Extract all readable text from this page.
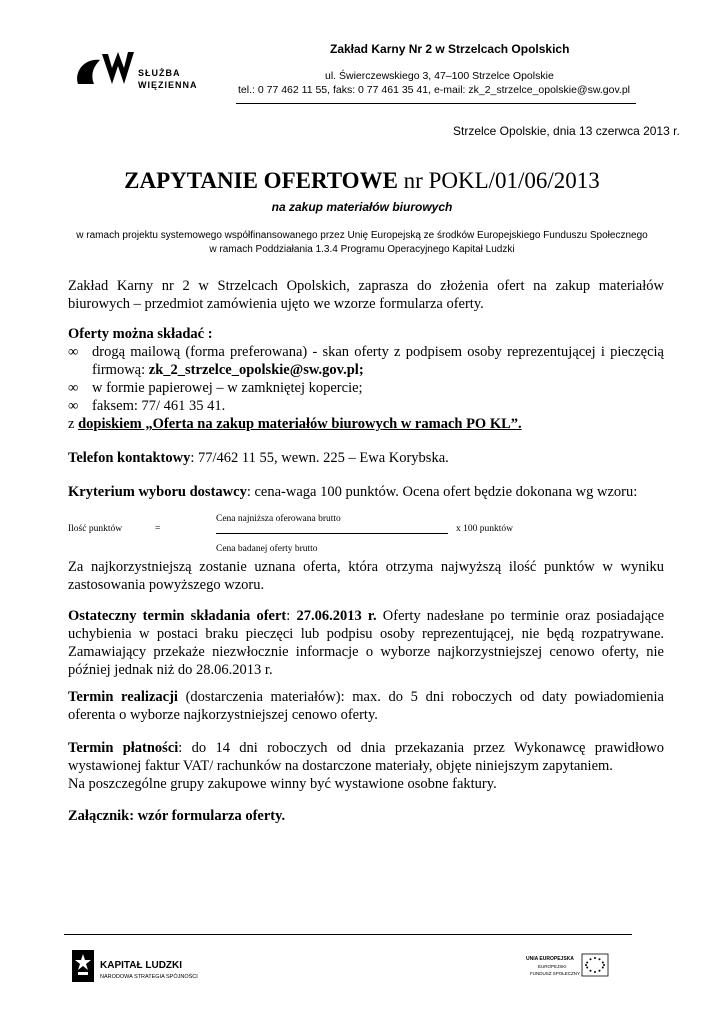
SŁUŻBA
WIĘZIENNA
Zakład Karny Nr 2 w Strzelcach Opolskich
ul. Świerczewskiego 3, 47–100 Strzelce Opolskie
tel.: 0 77 462 11 55, faks: 0 77 461 35 41, e-mail: zk_2_strzelce_opolskie@sw.gov.pl
Strzelce Opolskie, dnia 13 czerwca 2013 r.
ZAPYTANIE OFERTOWE nr POKL/01/06/2013
na zakup materiałów biurowych
w ramach projektu systemowego współfinansowanego przez Unię Europejską ze środków Europejskiego Funduszu Społecznego
w ramach Poddziałania 1.3.4 Programu Operacyjnego Kapitał Ludzki
Zakład Karny nr 2 w Strzelcach Opolskich, zaprasza do złożenia ofert na zakup materiałów biurowych – przedmiot zamówienia ujęto we wzorze formularza oferty.
Oferty można składać :
∞ drogą mailową (forma preferowana) - skan oferty z podpisem osoby reprezentującej i pieczęcią firmową: zk_2_strzelce_opolskie@sw.gov.pl;
∞ w formie papierowej – w zamkniętej kopercie;
∞ faksem: 77/ 461 35 41.
z dopiskiem „Oferta na zakup materiałów biurowych w ramach PO KL”.
Telefon kontaktowy: 77/462 11 55, wewn. 225 – Ewa Korybska.
Kryterium wyboru dostawcy: cena-waga 100 punktów. Ocena ofert będzie dokonana wg wzoru:
Ilość punktów	=
Cena najniższa oferowana brutto
x 100 punktów
Cena badanej oferty brutto
Za najkorzystniejszą zostanie uznana oferta, która otrzyma najwyższą ilość punktów w wyniku zastosowania powyższego wzoru.
Ostateczny termin składania ofert: 27.06.2013 r. Oferty nadesłane po terminie oraz posiadające uchybienia w postaci braku pieczęci lub podpisu osoby reprezentującej, nie będą rozpatrywane. Zamawiający przekaże niezwłocznie informacje o wyborze najkorzystniejszej cenowo oferty, nie później jednak niż do 28.06.2013 r.
Termin realizacji (dostarczenia materiałów): max. do 5 dni roboczych od daty powiadomienia oferenta o wyborze najkorzystniejszej cenowo oferty.

Termin płatności: do 14 dni roboczych od dnia przekazania przez Wykonawcę prawidłowo wystawionej faktur VAT/ rachunków na dostarczone materiały, objęte niniejszym zapytaniem.

Na poszczególne grupy zakupowe winny być wystawione osobne faktury.

Załącznik: wzór formularza oferty.
KAPITAŁ LUDZKI
NARODOWA STRATEGIA SPÓJNOŚCI
UNIA EUROPEJSKA
EUROPEJSKI
FUNDUSZ SPOŁECZNY
